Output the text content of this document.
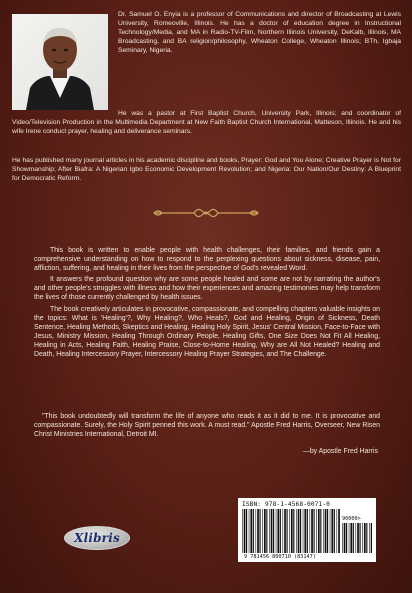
Dr. Samuel O. Enyia is a professor of Communications and director of Broadcasting at Lewis University, Romeoville, Illinois. He has a doctor of education degree in Instructional Technology/Media, and MA in Radio-TV-Film, Northern Illinois University, DeKalb, Illinois, MA Broadcasting, and BA religion/philosophy, Wheaton College, Wheaton Illinois; BTh, Igbaja Seminary, Nigeria.

He was a pastor at First Baptist Church, University Park, Illinois; and coordinator of Video/Television Production in the Multimedia Department at New Faith Baptist Church International, Matteson, Illinois. He and his wife Irene conduct prayer, healing and deliverance seminars.

He has published many journal articles in his academic discipline and books, Prayer: God and You Alone; Creative Prayer is Not for Showmanship; After Biafra: A Nigerian Igbo Economic Development Revolution; and Nigeria: Our Nation/Our Destiny: A Blueprint for Democratic Reform.

This book is written to enable people with health challenges, their families, and friends gain a comprehensive understanding on how to respond to the perplexing questions about sickness, disease, pain, affliction, suffering, and healing in their lives from the perspective of God's revealed Word.

It answers the profound question why are some people healed and some are not by narrating the author's and other people's struggles with illness and how their experiences and amazing testimonies may help transform the lives of those currently challenged by health issues.

The book creatively articulates in provocative, compassionate, and compelling chapters valuable insights on the topics: What is 'Healing'?, Why Healing?, Who Heals?, God and Healing, Origin of Sickness, Death Sentence, Healing Methods, Skeptics and Healing, Healing Holy Spirit, Jesus' Central Mission, Face-to-Face with Jesus, Ministry Mission, Healing Through Ordinary People, Healing Gifts, One Size Does Not Fit All Healing, Healing in Acts, Healing Faith, Healing Praise, Close-to-Home Healing, Why are All Not Healed? Healing and Death, Healing Intercessory Prayer, Intercessory Healing Prayer Strategies, and The Challenge.

"This book undoubtedly will transform the life of anyone who reads it as it did to me. It is provocative and compassionate. Surely, the Holy Spirit penned this work. A must read." Apostle Fred Harris, Overseer, New Risen Christ Ministries International, Detroit MI.

—by Apostle Fred Harris

Xlibris
ISBN: 978-1-4568-0071-0
9 781456 800710 (83147)
90000>
